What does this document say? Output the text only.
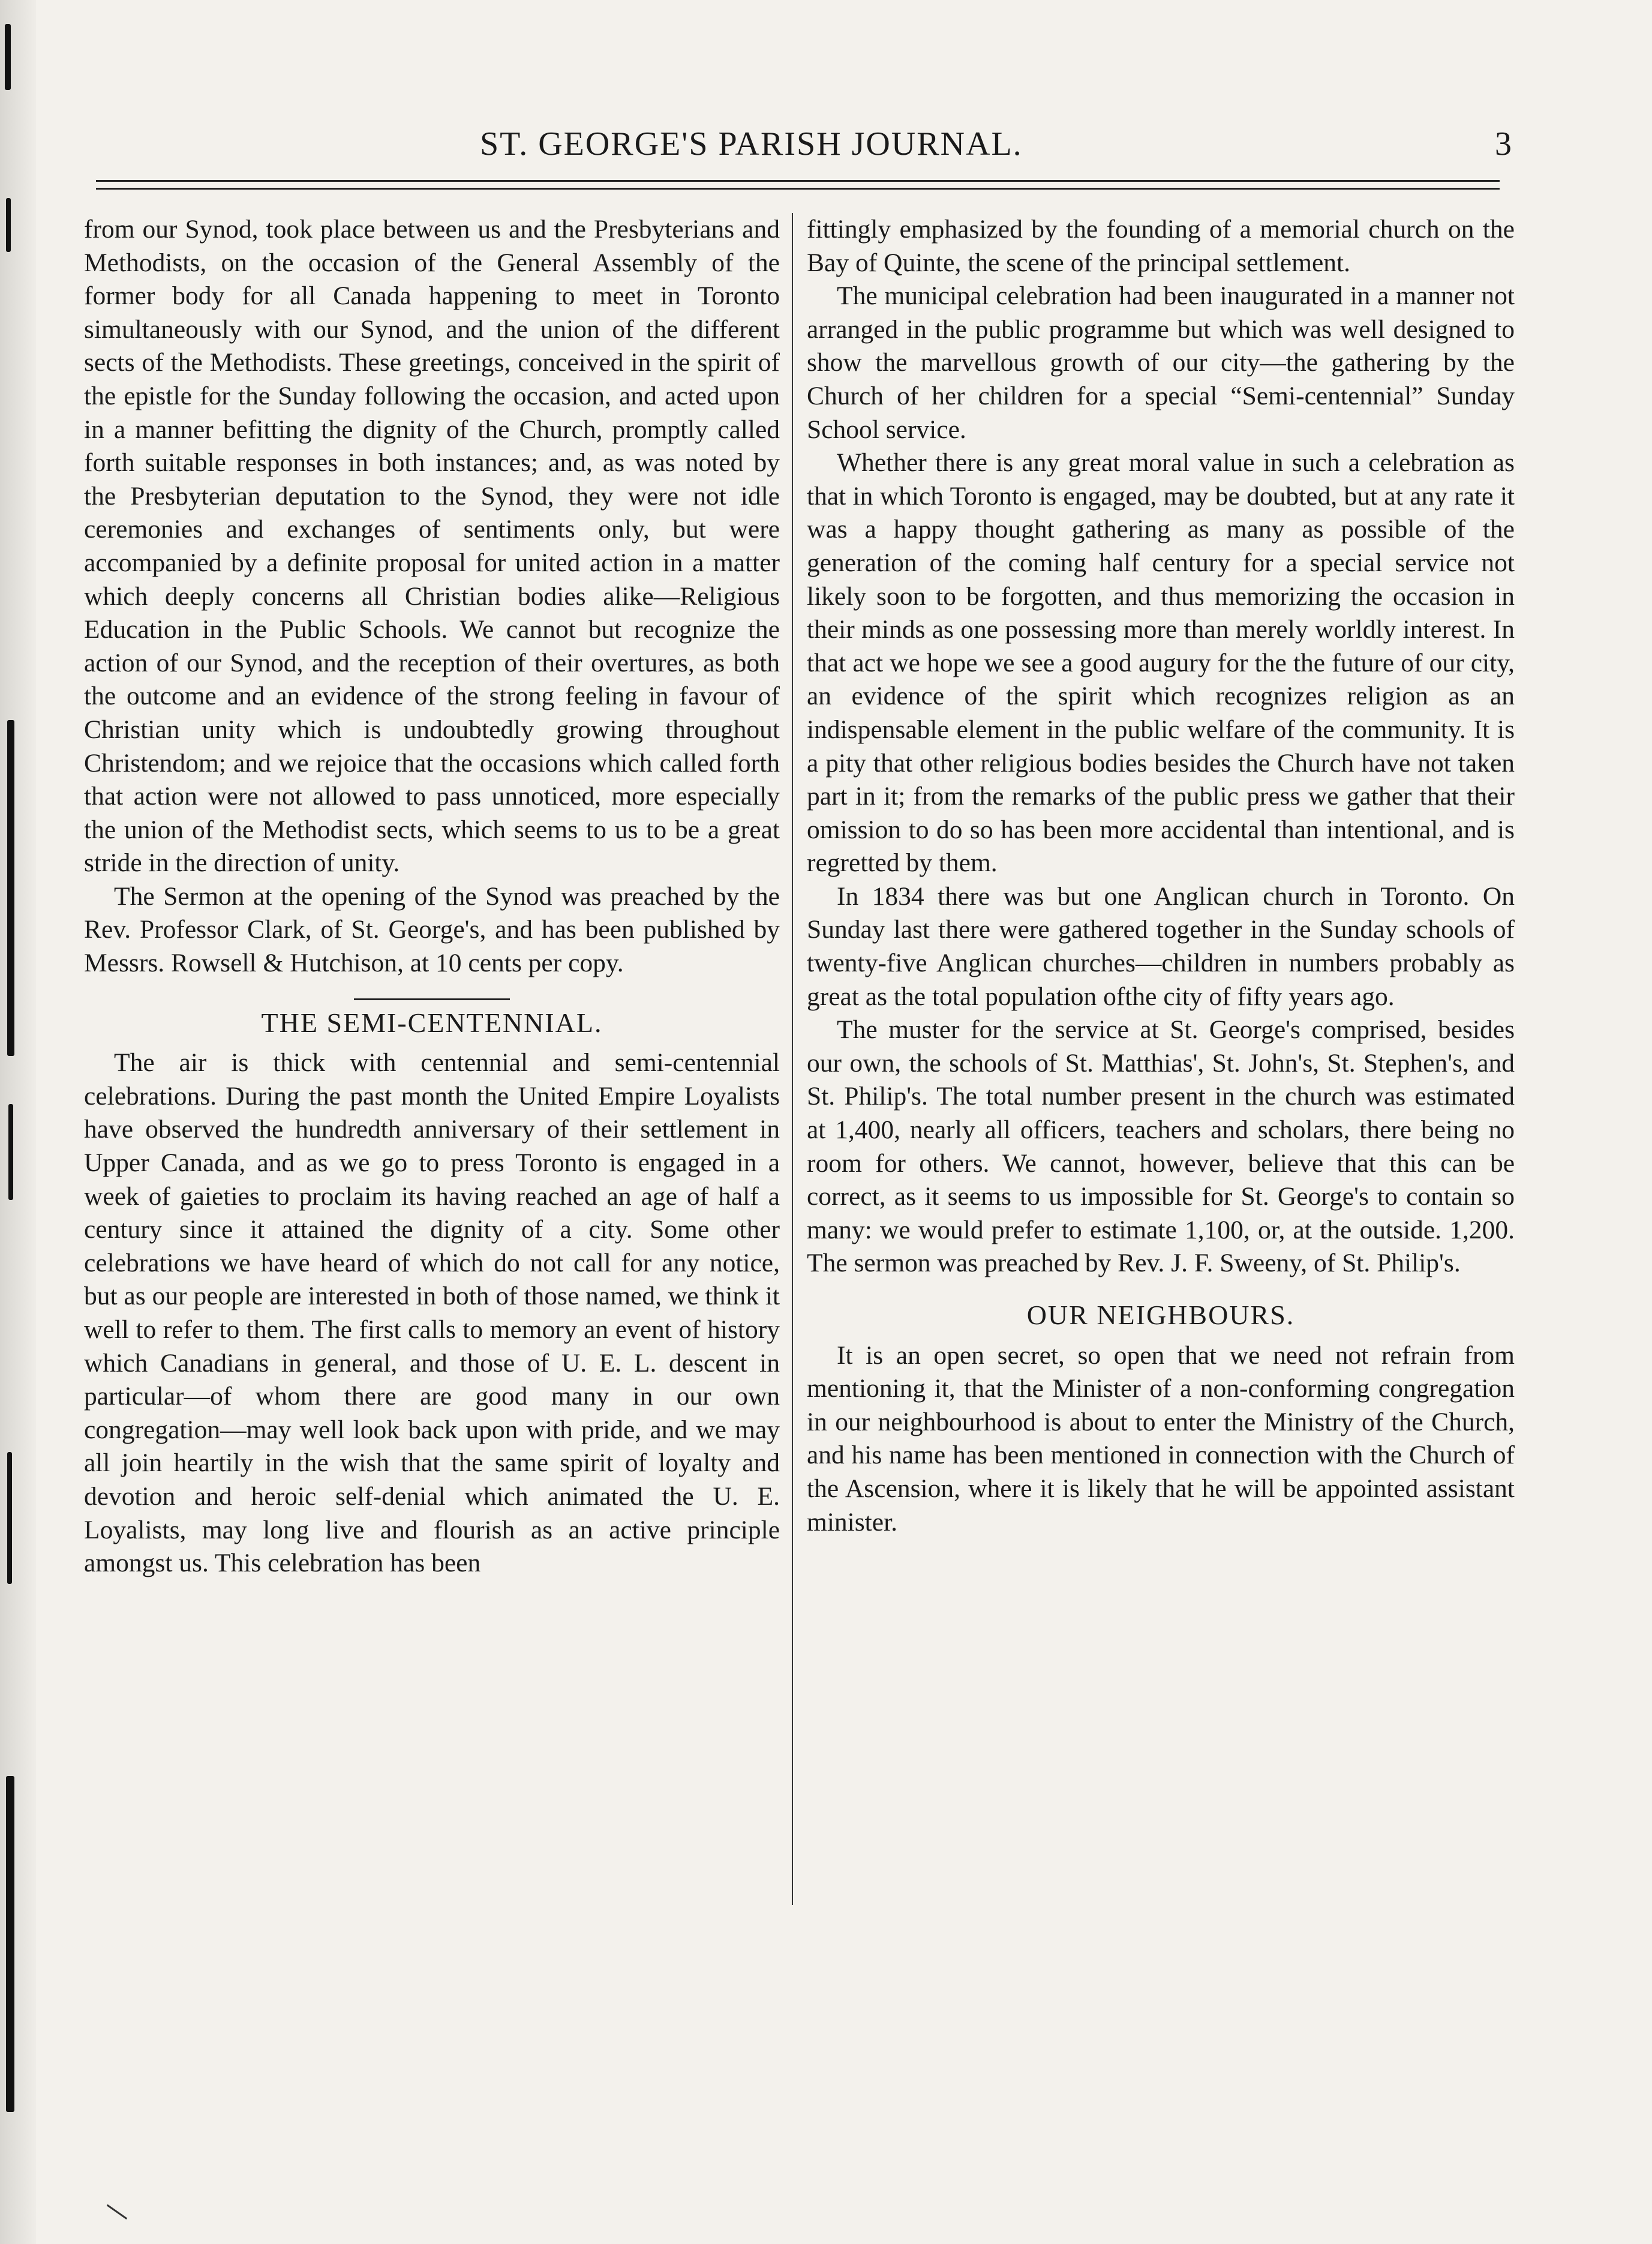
ST. GEORGE'S PARISH JOURNAL.	3

from our Synod, took place between us and the Presbyterians and Methodists, on the occasion of the General Assembly of the former body for all Canada happening to meet in Toronto simultaneously with our Synod, and the union of the different sects of the Methodists. These greetings, conceived in the spirit of the epistle for the Sunday following the occasion, and acted upon in a manner befitting the dignity of the Church, promptly called forth suitable responses in both instances; and, as was noted by the Presbyterian deputation to the Synod, they were not idle ceremonies and exchanges of sentiments only, but were accompanied by a definite proposal for united action in a matter which deeply concerns all Christian bodies alike—Religious Education in the Public Schools. We cannot but recognize the action of our Synod, and the reception of their overtures, as both the outcome and an evidence of the strong feeling in favour of Christian unity which is undoubtedly growing throughout Christendom; and we rejoice that the occasions which called forth that action were not allowed to pass unnoticed, more especially the union of the Methodist sects, which seems to us to be a great stride in the direction of unity.

The Sermon at the opening of the Synod was preached by the Rev. Professor Clark, of St. George's, and has been published by Messrs. Rowsell & Hutchison, at 10 cents per copy.

THE SEMI-CENTENNIAL.

The air is thick with centennial and semi-centennial celebrations. During the past month the United Empire Loyalists have observed the hundredth anniversary of their settlement in Upper Canada, and as we go to press Toronto is engaged in a week of gaieties to proclaim its having reached an age of half a century since it attained the dignity of a city. Some other celebrations we have heard of which do not call for any notice, but as our people are interested in both of those named, we think it well to refer to them. The first calls to memory an event of history which Canadians in general, and those of U. E. L. descent in particular—of whom there are good many in our own congregation—may well look back upon with pride, and we may all join heartily in the wish that the same spirit of loyalty and devotion and heroic self-denial which animated the U. E. Loyalists, may long live and flourish as an active principle amongst us. This celebration has been

fittingly emphasized by the founding of a memorial church on the Bay of Quinte, the scene of the principal settlement.

The municipal celebration had been inaugurated in a manner not arranged in the public programme but which was well designed to show the marvellous growth of our city—the gathering by the Church of her children for a special “Semi-centennial” Sunday School service.

Whether there is any great moral value in such a celebration as that in which Toronto is engaged, may be doubted, but at any rate it was a happy thought gathering as many as possible of the generation of the coming half century for a special service not likely soon to be forgotten, and thus memorizing the occasion in their minds as one possessing more than merely worldly interest. In that act we hope we see a good augury for the the future of our city, an evidence of the spirit which recognizes religion as an indispensable element in the public welfare of the community. It is a pity that other religious bodies besides the Church have not taken part in it; from the remarks of the public press we gather that their omission to do so has been more accidental than intentional, and is regretted by them.

In 1834 there was but one Anglican church in Toronto. On Sunday last there were gathered together in the Sunday schools of twenty-five Anglican churches—children in numbers probably as great as the total population ofthe city of fifty years ago.

The muster for the service at St. George's comprised, besides our own, the schools of St. Matthias', St. John's, St. Stephen's, and St. Philip's. The total number present in the church was estimated at 1,400, nearly all officers, teachers and scholars, there being no room for others. We cannot, however, believe that this can be correct, as it seems to us impossible for St. George's to contain so many: we would prefer to estimate 1,100, or, at the outside. 1,200. The sermon was preached by Rev. J. F. Sweeny, of St. Philip's.

OUR NEIGHBOURS.

It is an open secret, so open that we need not refrain from mentioning it, that the Minister of a non-conforming congregation in our neighbourhood is about to enter the Ministry of the Church, and his name has been mentioned in connection with the Church of the Ascension, where it is likely that he will be appointed assistant minister.
